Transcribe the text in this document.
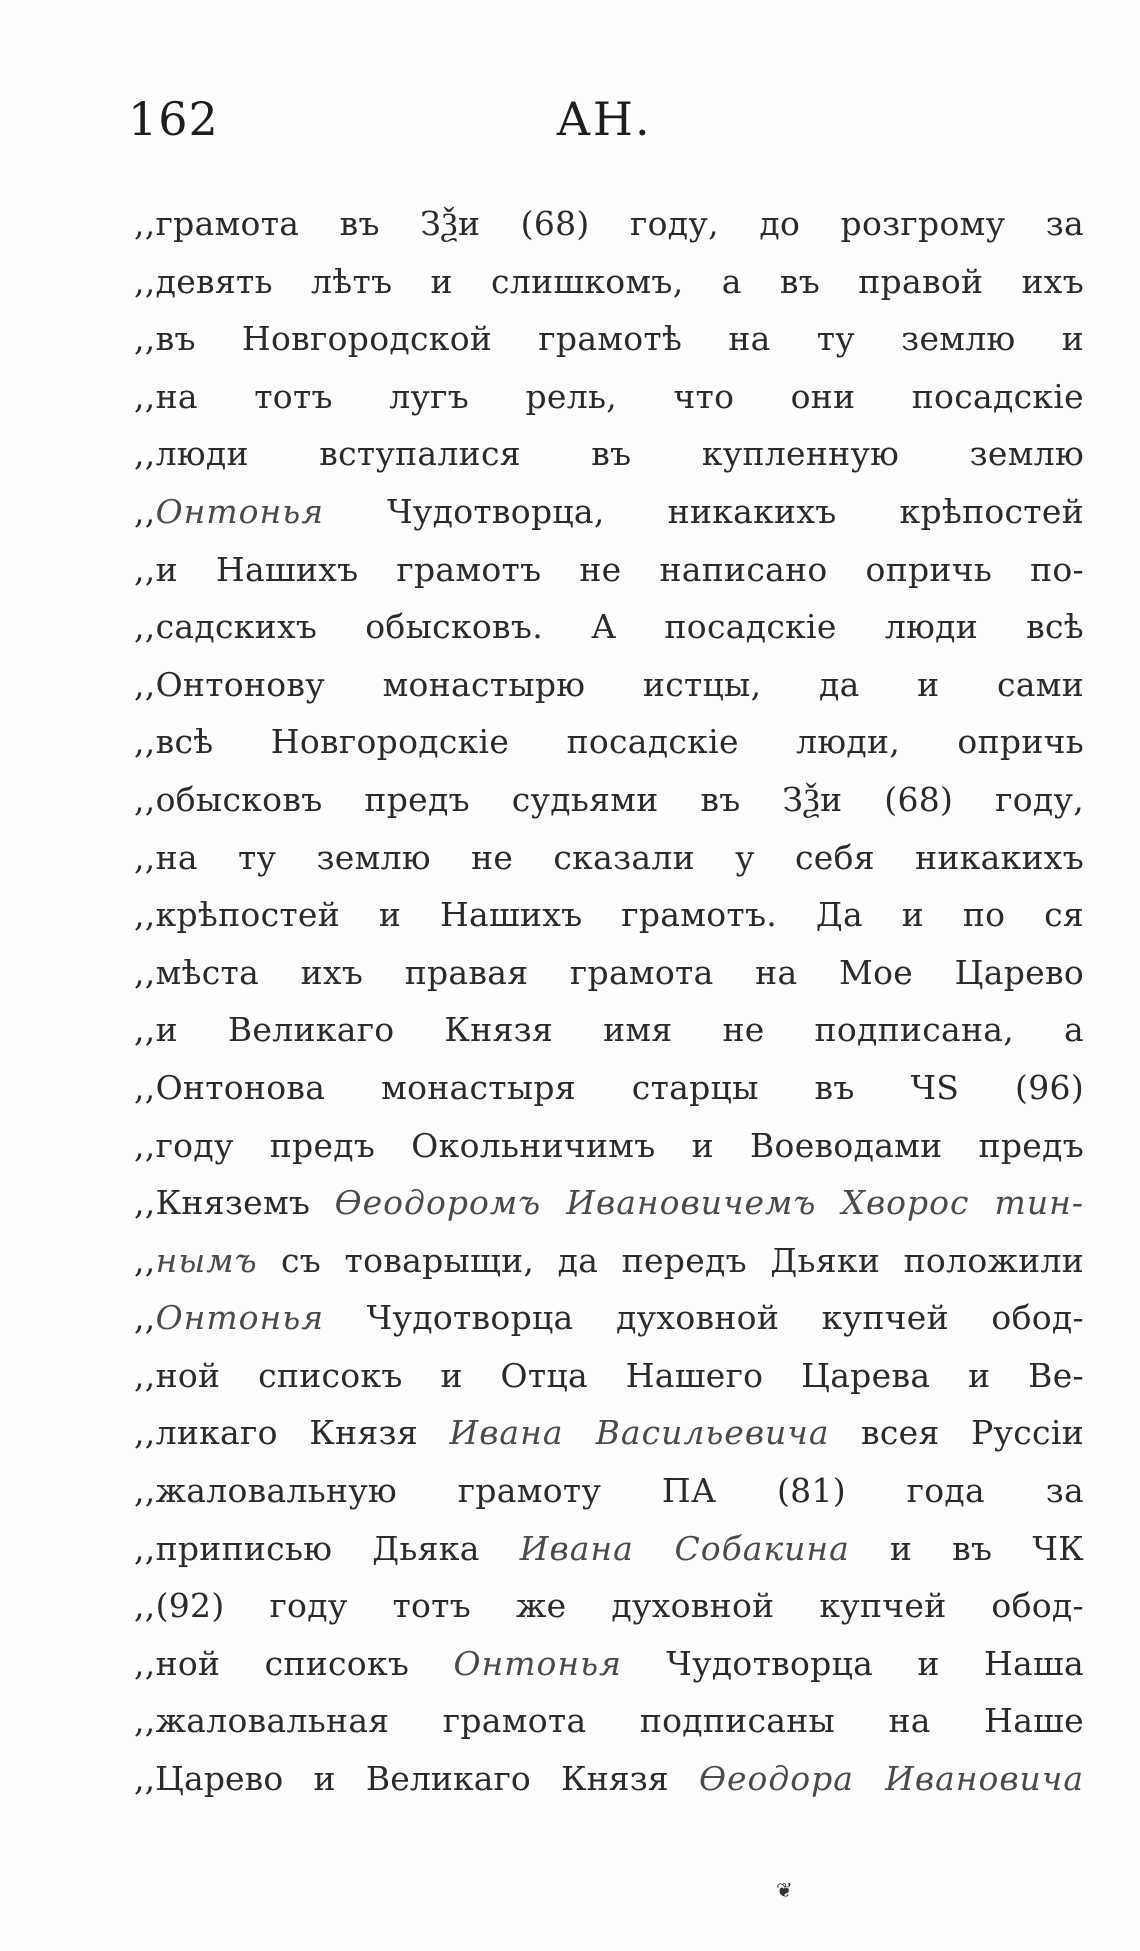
162	АН.
,,грамота въ ЗѮи (68) году, до розгрому за
,,девять лѣтъ и слишкомъ, а въ правой ихъ
,,въ Новгородской грамотѣ на ту землю и
,,на тотъ лугъ рель, что они посадскіе
,,люди вступалися въ купленную землю
,,Онтонья Чудотворца, никакихъ крѣпостей
,,и Нашихъ грамотъ не написано опричь по-
,,садскихъ обысковъ. А посадскіе люди всѣ
,,Онтонову монастырю истцы, да и сами
,,всѣ Новгородскіе посадскіе люди, опричь
,,обысковъ предъ судьями въ ЗѮи (68) году,
,,на ту землю не сказали у себя никакихъ
,,крѣпостей и Нашихъ грамотъ. Да и по ся
,,мѣста ихъ правая грамота на Мое Царево
,,и Великаго Князя имя не подписана, а
,,Онтонова монастыря старцы въ ЧЅ (96)
,,году предъ Окольничимъ и Воеводами предъ
,,Княземъ Ѳеодоромъ Ивановичемъ Хворос тин-
,,нымъ съ товарыщи, да передъ Дьяки положили
,,Онтонья Чудотворца духовной купчей обод-
,,ной списокъ и Отца Нашего Царева и Ве-
,,ликаго Князя Ивана Васильевича всея Руссіи
,,жаловальную грамоту ПА (81) года за
,,приписью Дьяка Ивана Собакина и въ ЧК
,,(92) году тотъ же духовной купчей обод-
,,ной списокъ Онтонья Чудотворца и Наша
,,жаловальная грамота подписаны на Наше
,,Царево и Великаго Князя Ѳеодора Ивановича
❦
